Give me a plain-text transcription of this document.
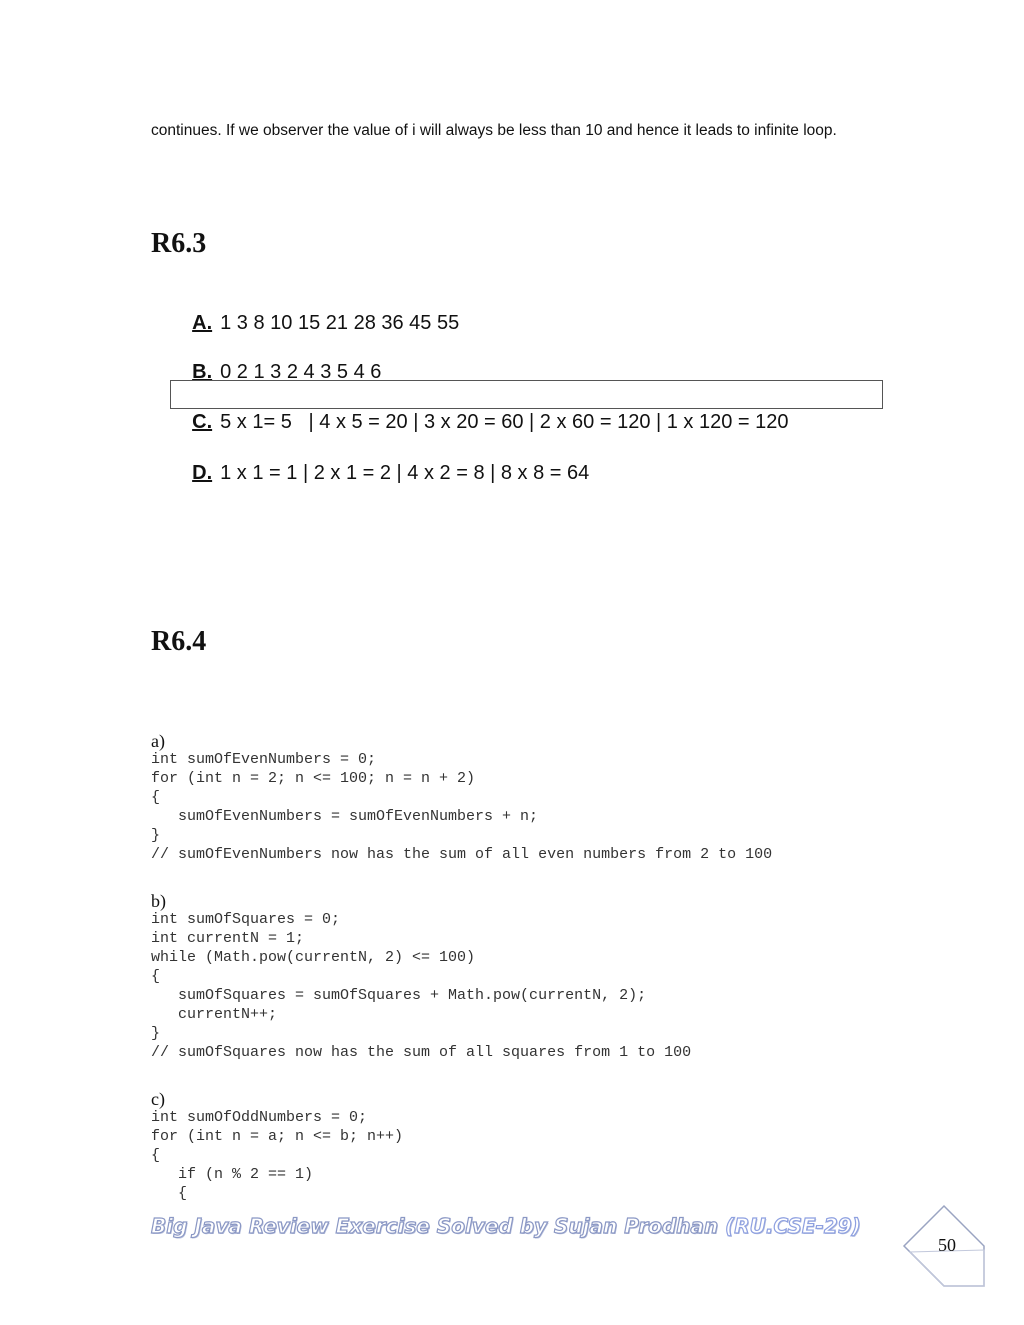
continues. If we observer the value of i will always be less than 10 and hence it leads to infinite loop.

R6.3

A. 1 3 8 10 15 21 28 36 45 55

B. 0 2 1 3 2 4 3 5 4 6

C. 5 x 1= 5   | 4 x 5 = 20 | 3 x 20 = 60 | 2 x 60 = 120 | 1 x 120 = 120

D. 1 x 1 = 1 | 2 x 1 = 2 | 4 x 2 = 8 | 8 x 8 = 64

R6.4
a)
int sumOfEvenNumbers = 0;
for (int n = 2; n <= 100; n = n + 2)
{
sumOfEvenNumbers = sumOfEvenNumbers + n;
}
// sumOfEvenNumbers now has the sum of all even numbers from 2 to 100
b)
int sumOfSquares = 0;
int currentN = 1;
while (Math.pow(currentN, 2) <= 100)
{
sumOfSquares = sumOfSquares + Math.pow(currentN, 2);
currentN++;
}
// sumOfSquares now has the sum of all squares from 1 to 100
c)
int sumOfOddNumbers = 0;
for (int n = a; n <= b; n++)
{
if (n % 2 == 1)
{
Big Java Review Exercise Solved by Sujan Prodhan (RU.CSE-29)
50
